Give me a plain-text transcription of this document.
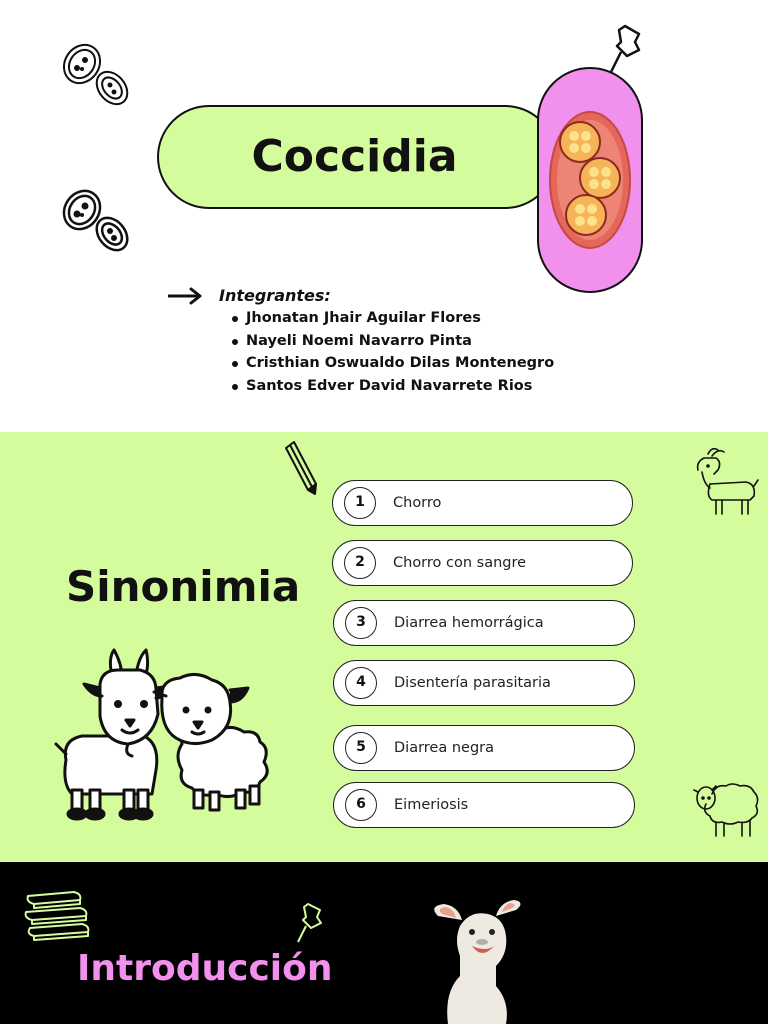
Coccidia
Integrantes:
Jhonatan Jhair Aguilar Flores
Nayeli Noemi Navarro Pinta
Cristhian Oswualdo Dilas Montenegro
Santos Edver David Navarrete Rios
Sinonimia
1	Chorro
2	Chorro con sangre
3	Diarrea hemorrágica
4	Disentería parasitaria
5	Diarrea negra
6	Eimeriosis
Introducción
